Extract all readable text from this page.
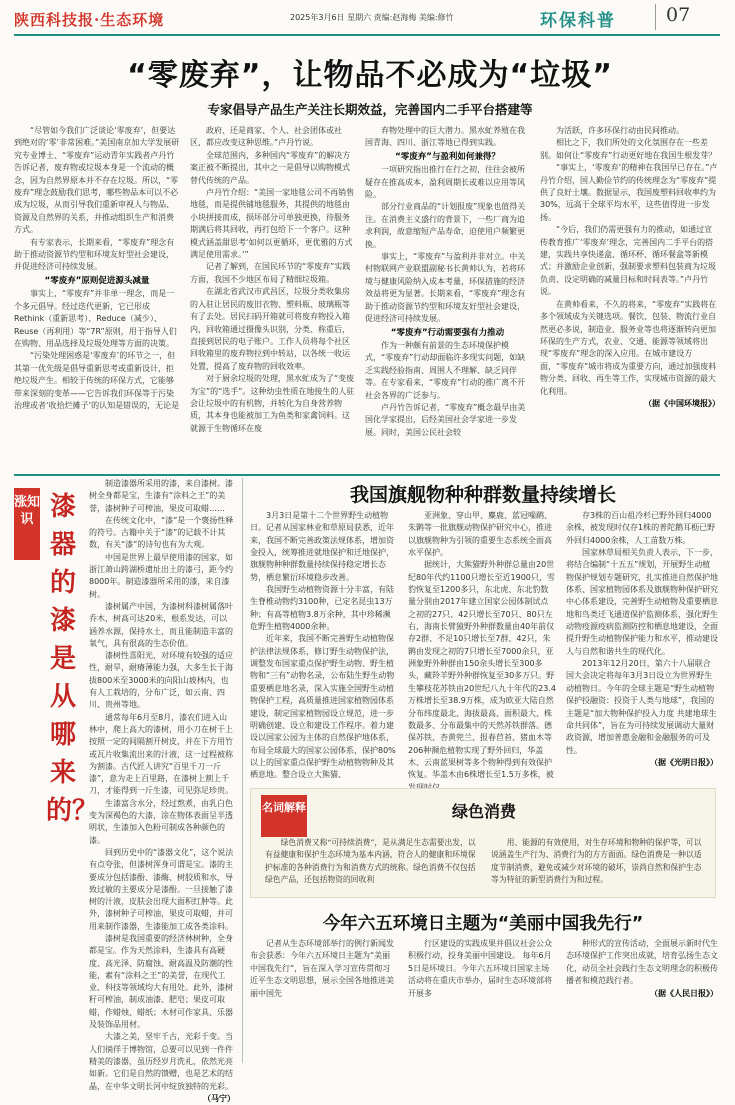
陕西科技报·生态环境	2025年3月6日 星期六 责编:赵海梅 美编:修竹	环保科普	07
“零废弃”，让物品不必成为“垃圾”
专家倡导产品生产关注长期效益，完善国内二手平台搭建等

“尽管如今我们广泛谈论‘零废弃’，但要达到绝对的‘零’非常困难。”美国南京加大学发展研究专业博士、“零废弃”运动青年实践者卢丹竹告诉记者，废弃物或垃圾本身是一个流动的概念，因为自然界原本并不存在垃圾。所以，“零废弃”理念鼓励我们思考，哪些物品本可以不必成为垃圾，从而引导我们重新审视人与物品、资源及自然界的关系，并推动组织生产和消费方式。

有专家表示，长期来看，“零废弃”理念有助于推动资源节约型和环境友好型社会建设，并促进经济可持续发展。

“零废弃”原则促进源头减量

事实上，“零废弃”并非单一理念，而是一个多元倡导。经过迭代更新，它已形成Rethink（重新思考）、Reduce（减少）、Reuse（再利用）等“7R”原则，用于指导人们在购物、用品选择及垃圾处理等方面的决策。

“污染处理困惑是‘零废弃’的环节之一，但其第一优先级是倡导重新思考或重新设计，拒绝垃圾产生。相较于传统的环保方式，它能够带来深刻的变革——它告诉我们环保等于污染治理或者‘收拾烂摊子’的认知是错误的，无论是

政府、还是商家、个人、社会团体或社区，都应改变这种思维。”卢丹竹说。

全球范围内，多种国内“零废弃”的解决方案正被不断提出，其中之一是倡导以购物模式替代传统的产品。

卢丹竹介绍：“美国一家地毯公司不再销售地毯，而是提供铺地毯服务，其提供的地毯由小块拼接而成，损坏部分可单独更换，待服务期满后将其回收，再打包给下一个客户。这种模式涵盖甜思考‘如何以更循环，更优雅的方式满足使用需求。’”

记者了解到，在国民环节的“零废弃”实践方面，我国不少地区布局了精细垃圾箱。

在湖北省武汉市武昌区，垃圾分类收集房的入驻让居民的废旧衣物、塑料瓶、玻璃瓶等有了去处。居民扫码开箱就可将废弃物投入箱内，回收箱通过摄像头识别，分类、称重后，直接到居民的电子账户。工作人员将每个社区回收箱里的废弃物拉到中转站，以各统一收运处置，提高了废弃物的回收效率。

对于厨余垃圾的处理，黑水虻成为了“变废为宝”的“选手”。这种幼虫性质在地接生的人驻会让垃圾中的有机物，并转化为自身营养物质，其本身也能被加工为鱼类和家禽饲料。这就源于生物循环在废

弃物处理中的巨大潜力。黑水虻养殖在我国青海、四川、浙江等地已得到实践。

“零废弃”与盈利如何兼得？

一项研究指出推行在行之初，往往会被所疑存在推高成本，盈利周期长或难以应用等风险。

部分行业商品的“计划报废”现象也值得关注。在消费主义盛行的背景下，一些厂商为追求利润，故意缩短产品寿命，迫使用户频繁更换。

事实上，“零废弃”与盈利并非对立。中关村物联网产业联盟副秘书长黄帅认为，若将环境与健康风险纳入成本考量，环保措施的经济效益将更为显著。长期来看，“零废弃”理念有助于推动资源节约型和环境友好型社会建设，促进经济可持续发展。

“零废弃”行动需要强有力推动

作为一种颇有前景的生态环境保护模式，“零废弃”行动却面临许多现实问题，如缺乏实践经验指南、周围人不理解、缺乏同伴等。在专家看来，“零废弃”行动的推广离不开社会各界的广泛参与。

卢丹竹告诉记者，“零废弃”概念最早由美国化学家提出，后经美国社会学家进一步发展。同时，美国公民社会较

为活跃，许多环保行动由民间推动。

相比之下，我们所处的文化氛围存在一些差别。如何让“零废弃”行动更好地在我国生根发芽？

“事实上，‘零废弃’的精神在我国早已存在。”卢丹竹介绍，国人勤俭节约的传统理念为“零废弃”提供了良好土壤。数据显示，我国废塑料回收率约为30%，远高于全球平均水平，这些值得进一步发扬。

“今后，我们仍需更强有力的推动，如通过宣传教育推广‘零废弃’理念，完善国内二手平台的搭建，实践共享快递盒、循环杯、循环餐盒等新模式；并激励企业创新，强制要求塑料包装商为垃圾负责、设定明确的减量目标和时间表等。”卢丹竹说。

在黄帅看来，不久的将来，“零废弃”实践将在多个领域成为关键选项。餐饮、包装、物流行业自然更必多说，制造业、服务业等也将逐渐转向更加环保的生产方式，农业、交通、能源等领域将出现“零废弃”理念的深入应用。在城市建设方面，“零废弃”城市将成为重要方向，通过加强废料物分类、回收、再生等工作，实现城市资源的最大化利用。

（据《中国环境报》）
涨知识 漆器的漆是从哪来的？

制造漆器所采用的漆，来自漆树。漆树全身都是宝，生漆有“涂料之王”的美誉，漆树种子可榨油，果皮可取蜡……

在传统文化中，“漆”是一个褒扬性释的符号。古籍中关于“漆”的记载不计其数，有关“漆”的诗句也有为大观。

中国是世界上最早使用漆的国家，如浙江萧山跨湖桥遗址出土的漆弓，距今约8000年。制造漆器所采用的漆，来自漆树。

漆树属产中国，为漆树科漆树属落叶乔木，树高可达20米，根系发达，可以涵养水源，保持水土，而且能制造丰富的氧气，具有很高的生态价值。

漆树性喜阳光，对环境有较强的适应性，耐旱，耐瘠薄能力强，大多生长于海拔800米至3000米的向阳山坡林内，也有人工栽培的，分布广泛，如云南、四川、贵州等地。

通常每年6月至8月，漆农们进入山林中，爬上高大的漆树，用小刀在树干上按照一定的间隔割开树皮，并在下方用竹或瓦片收集流出来的汁液，这一过程被称为割漆。古代匠人讲究“百里千刀一斤漆”，意为走上百里路，在漆树上割上千刀，才能得到一斤生漆，可见弥足珍贵。

生漆富含水分，经过熬煮，由乳白色变为深褐色的大漆，涂在物体表面呈半透明状，生漆加入色粉可制成各种颜色的漆。

回到历史中的“漆器文化”，这个说法有点夸张，但漆树浑身可谓是宝。漆的主要成分包括漆酚、漆酶、树胶质和水，导致过敏的主要成分是漆酚。一旦接触了漆树的汁液，皮肤会出现大面积红肿等。此外，漆树种子可榨油，果皮可取蜡，并可用来制作漆器，生漆能加工成各类涂料。

漆树是我国重要的经济林树种，全身都是宝。作为天然涂料，生漆具有高硬度、高光泽、防腐蚀、耐高温及防潮的性能，素有“涂料之王”的美誉，在现代工业、科技等领域均大有用处。此外，漆树籽可榨油，制成油漆、肥皂；果皮可取蜡，作蜡烛、蜡纸；木材可作家具、乐器及装饰品用材。

大漆之美，坚牢千古，光彩千变。当人们徜徉于博物馆，总要可以见到一件件精美的漆器，虽历经岁月洗礼，依然光亮如新。它们是自然的馈赠，也是艺术的结晶，在中华文明长河中绽放独特的光彩。

（马宁）
我国旗舰物种种群数量持续增长

3月3日是第十二个世界野生动植物日。记者从国家林业和草原局获悉，近年来，我国不断完善政策法规体系，增加资金投入，统筹推进就地保护和迁地保护，旗舰物种种群数量持续保持稳定增长态势，栖息繁衍环境稳步改善。

我国野生动植物资源十分丰富，有陆生脊椎动物约3100种，已定名昆虫13万种；有高等植物3.8万余种，其中珍稀濒危野生植物4000余种。

近年来，我国不断完善野生动植物保护法律法规体系，修订野生动物保护法，调整发布国家重点保护野生动物、野生植物和“三有”动物名录，公布陆生野生动物重要栖息地名录，深入实施全国野生动植物保护工程，高质量推进国家植物园体系建设，制定国家植物园设立规范，进一步明确创建、设立和建设工作程序。着力建设以国家公园为主体的自然保护地体系，布局全球最大的国家公园体系，保护80%以上的国家重点保护野生动植物物种及其栖息地。整合设立大熊猫、

亚洲象、穿山甲、麋鹿、蓝冠噪鹛、朱鹮等一批旗舰动物保护研究中心，推进以旗舰物种为引领的重要生态系统全面高水平保护。

据统计，大熊猫野外种群总量由20世纪80年代约1100只增长至近1900只，雪豹恢复至1200多只，东北虎、东北豹数量分别由2017年建立国家公园体制试点之初的27只、42只增长至70只、80只左右，海南长臂猿野外种群数量由40年前仅存2群、不足10只增长至7群、42只，朱鹮由发现之初的7只增长至7000余只，亚洲象野外种群由150余头增长至300多头，藏羚羊野外种群恢复至30多万只。野生攀枝花苏铁由20世纪八九十年代的23.4万株增长至38.9万株，成为欧亚大陆自然分布纬度最北、海拔最高、面积最大、株数最多、分布最集中的天然苏铁群落。德保苏铁、杏黄兜兰、报春苣苔、猪血木等206种濒危植物实现了野外回归，华盖木、云南蓝果树等多个物种得到有效保护恢复。华盖木由6株增长至1.5万多株，被

存3株的百山祖冷杉已野外回归4000余株，被发现时仅存1株的普陀鹅耳枥已野外回归4000余株，人工苗数万株。

国家林草局相关负责人表示，下一步，将结合编制“十五五”规划，开展野生动植物保护规划专题研究，扎实推进自然保护地体系、国家植物园体系及旗舰物种保护研究中心体系建设，完善野生动植物及重要栖息地和鸟类迁飞通道保护监测体系，强化野生动物疫源疫病监测防控和栖息地建设，全面提升野生动植物保护能力和水平，推动建设人与自然和谐共生的现代化。

2013年12月20日，第六十八届联合国大会决定将每年3月3日设立为世界野生动植物日。今年的全球主题是“野生动植物保护投融资：投资于人类与地球”，我国的主题是“加大物种保护投入力度 共建地球生命共同体”，旨在为可持续发展调动大量财政资源，增加普惠金融和金融服务的可及性。

（据《光明日报》）
名词解释	绿色消费

绿色消费又称“可持续消费”，是从满足生态需要出发，以有益健康和保护生态环境为基本内涵，符合人的健康和环境保护标准的各种消费行为和消费方式的统称。绿色消费不仅包括绿色产品，还包括物资的回收利

用、能源的有效使用，对生存环境和物种的保护等，可以说涵盖生产行为、消费行为的方方面面。绿色消费是一种以适度节制消费，避免或减少对环境的破坏，崇尚自然和保护生态等为特征的新型消费行为和过程。

今年六五环境日主题为“美丽中国我先行”

记者从生态环境部举行的例行新闻发布会获悉：今年六五环境日主题为“美丽中国我先行”，旨在深入学习宣传贯彻习近平生态文明思想，展示全国各地推进美丽中国先

行区建设的实践成果并倡议社会公众积极行动，投身美丽中国建设。 每年6月5日是环境日。今年六五环境日国家主场活动将在重庆市举办，届时生态环境部将开展多

种形式的宣传活动，全面展示新时代生态环境保护工作突出成就，培育弘扬生态文化，动员全社会践行生态文明理念的积极传播者和模范践行者。

（据《人民日报》）
